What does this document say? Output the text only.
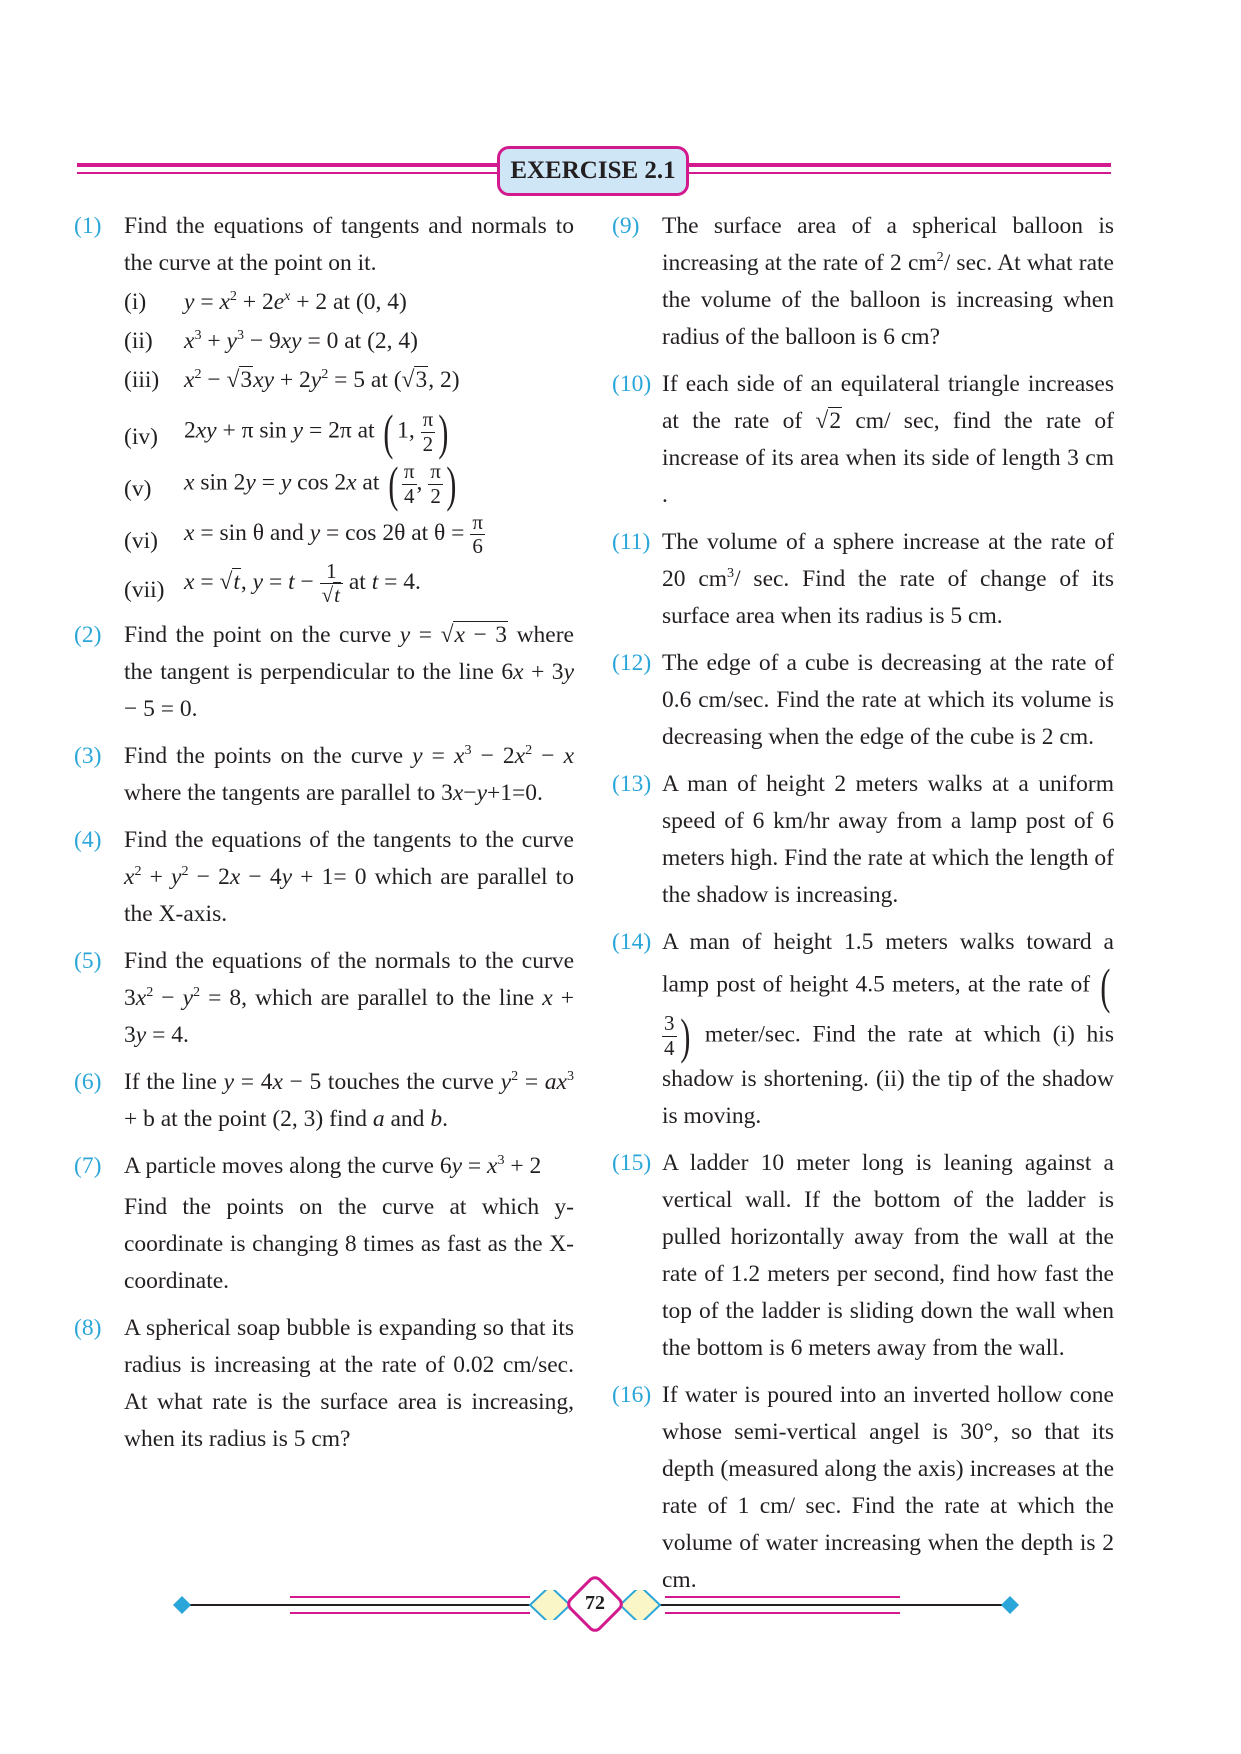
EXERCISE 2.1
(1) Find the equations of tangents and normals to the curve at the point on it.
(i) $y = x^2 + 2e^x + 2$ at (0, 4)
(ii) $x^3 + y^3 - 9xy = 0$ at (2, 4)
(iii) $x^2 - √3xy + 2y^2 = 5$ at (√3, 2)
(iv) 2xy + π sin y = 2π at ( 1, $\frac{\pi}{2}$ )
(v) x sin 2y = y cos 2x at ( $\frac{\pi}{4}$ , $\frac{\pi}{2}$ )
(vi) x = sin θ and y = cos 2θ at $\theta = \frac{\pi}{6}$
(vii) x = √t, $y = t - \frac{1}{√t}$ at t = 4.
(2) Find the point on the curve y = √x − 3 where the tangent is perpendicular to the line 6x + 3y − 5 = 0.
(3) Find the points on the curve $y = x^3 - 2x^2 - x$ where the tangents are parallel to 3x−y+1=0.
(4) Find the equations of the tangents to the curve $x^2 + y^2 - 2x - 4y + 1= 0$ which are parallel to the X-axis.
(5) Find the equations of the normals to the curve $3x^2 - y^2 = 8$, which are parallel to the line x + 3y = 4.
(6) If the line y = 4x − 5 touches the curve $y^2 = ax^3 + b$ at the point (2, 3) find a and b.
(7) A particle moves along the curve $6y = x^3 + 2$
Find the points on the curve at which y-coordinate is changing 8 times as fast as the X-coordinate.
(8) A spherical soap bubble is expanding so that its radius is increasing at the rate of 0.02 cm/sec. At what rate is the surface area is increasing, when its radius is 5 cm?
(9) The surface area of a spherical balloon is increasing at the rate of 2 $cm^2/$ sec. At what rate the volume of the balloon is increasing when radius of the balloon is 6 cm?
(10) If each side of an equilateral triangle increases at the rate of √2 cm/ sec, find the rate of increase of its area when its side of length 3 cm .
(11) The volume of a sphere increase at the rate of 20 $cm^3/$ sec. Find the rate of change of its surface area when its radius is 5 cm.
(12) The edge of a cube is decreasing at the rate of 0.6 cm/sec. Find the rate at which its volume is decreasing when the edge of the cube is 2 cm.
(13) A man of height 2 meters walks at a uniform speed of 6 km/hr away from a lamp post of 6 meters high. Find the rate at which the length of the shadow is increasing.
(14) A man of height 1.5 meters walks toward a lamp post of height 4.5 meters, at the rate of (
$\frac{3}{4}$ ) meter/sec. Find the rate at which (i) his shadow is shortening. (ii) the tip of the shadow is moving.
(15) A ladder 10 meter long is leaning against a vertical wall. If the bottom of the ladder is pulled horizontally away from the wall at the rate of 1.2 meters per second, find how fast the top of the ladder is sliding down the wall when the bottom is 6 meters away from the wall.
(16) If water is poured into an inverted hollow cone whose semi-vertical angel is 30°, so that its depth (measured along the axis) increases at the rate of 1 cm/ sec. Find the rate at which the volume of water increasing when the depth is 2 cm.
72
